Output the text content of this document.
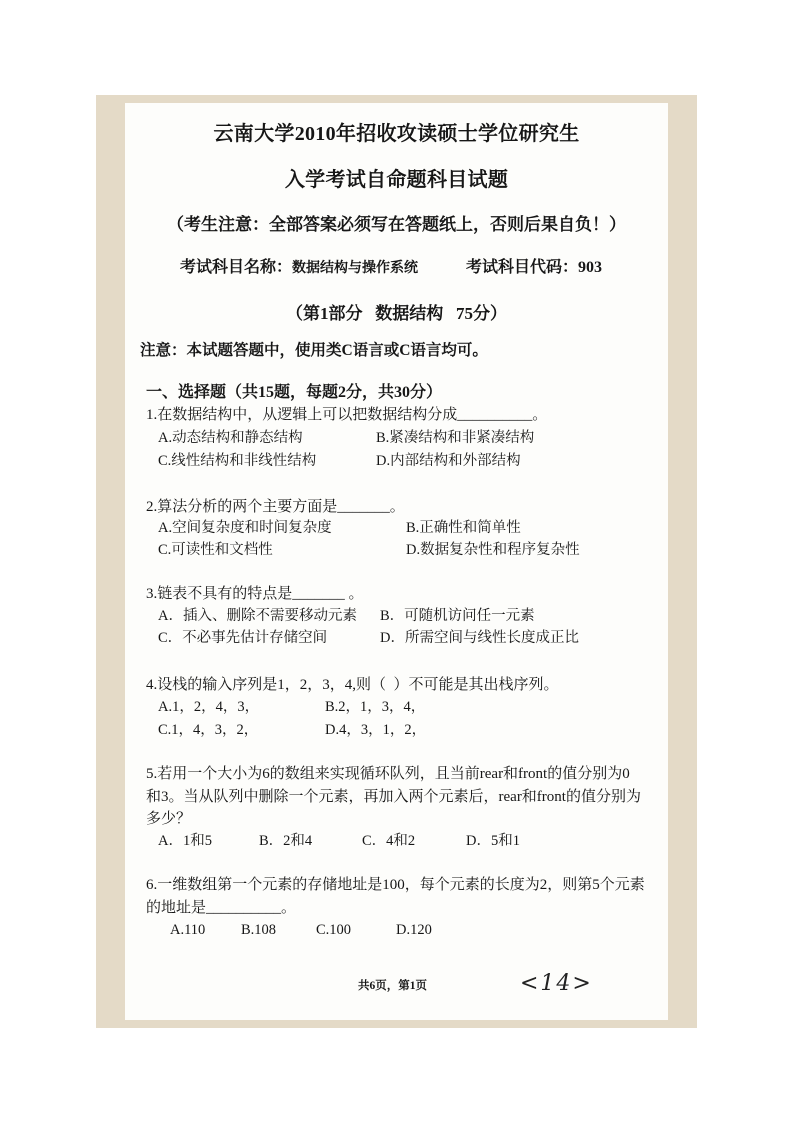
云南大学2010年招收攻读硕士学位研究生
入学考试自命题科目试题
（考生注意：全部答案必须写在答题纸上，否则后果自负！）
考试科目名称：数据结构与操作系统	考试科目代码：903
（第1部分   数据结构   75分）
注意：本试题答题中，使用类C语言或C语言均可。
一、选择题（共15题，每题2分，共30分）
1.在数据结构中，从逻辑上可以把数据结构分成__________。
A.动态结构和静态结构	B.紧凑结构和非紧凑结构
C.线性结构和非线性结构	D.内部结构和外部结构
2.算法分析的两个主要方面是_______。
A.空间复杂度和时间复杂度	B.正确性和简单性
C.可读性和文档性	D.数据复杂性和程序复杂性
3.链表不具有的特点是_______ 。
A．插入、删除不需要移动元素 B．可随机访问任一元素
C．不必事先估计存储空间	D．所需空间与线性长度成正比
4.设栈的输入序列是1，2，3，4,则（  ）不可能是其出栈序列。
A.1，2，4，3，	B.2，1，3，4，
C.1，4，3，2，	D.4，3，1，2，
5.若用一个大小为6的数组来实现循环队列，且当前rear和front的值分别为0
和3。当从队列中删除一个元素，再加入两个元素后，rear和front的值分别为
多少？
A．1和5	B．2和4	C．4和2	D．5和1
6.一维数组第一个元素的存储地址是100，每个元素的长度为2，则第5个元素
的地址是__________。
A.110 B.108	C.100	D.120
共6页，第1页	<14>
